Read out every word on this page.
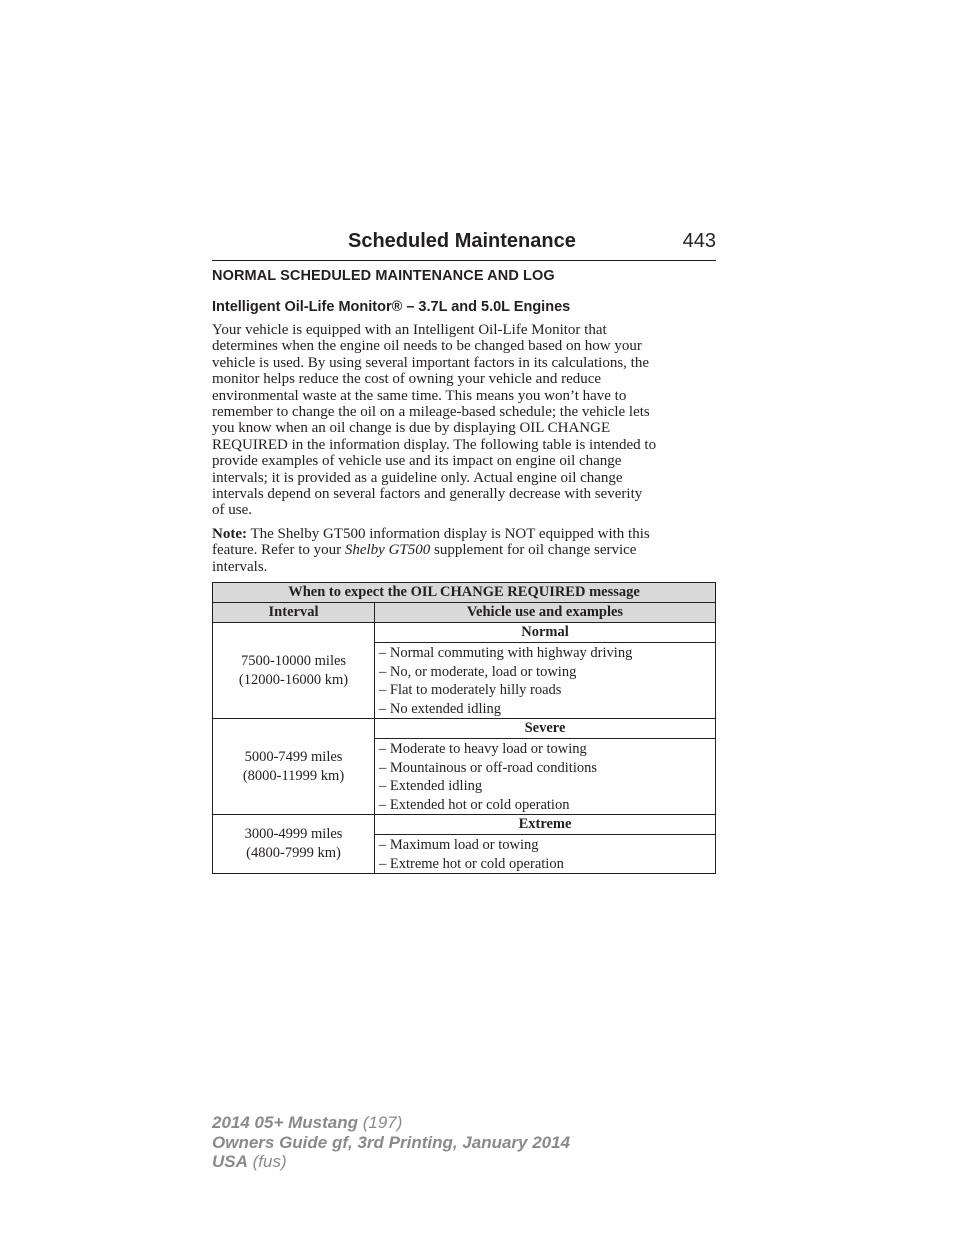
Scheduled Maintenance	443
NORMAL SCHEDULED MAINTENANCE AND LOG
Intelligent Oil-Life Monitor® – 3.7L and 5.0L Engines
Your vehicle is equipped with an Intelligent Oil-Life Monitor that
determines when the engine oil needs to be changed based on how your
vehicle is used. By using several important factors in its calculations, the
monitor helps reduce the cost of owning your vehicle and reduce
environmental waste at the same time. This means you won’t have to
remember to change the oil on a mileage-based schedule; the vehicle lets
you know when an oil change is due by displaying OIL CHANGE
REQUIRED in the information display. The following table is intended to
provide examples of vehicle use and its impact on engine oil change
intervals; it is provided as a guideline only. Actual engine oil change
intervals depend on several factors and generally decrease with severity
of use.
Note: The Shelby GT500 information display is NOT equipped with this
feature. Refer to your Shelby GT500 supplement for oil change service
intervals.
When to expect the OIL CHANGE REQUIRED message	
Interval	Vehicle use and examples

7500-10000 miles
(12000-16000 km)	Normal

	– Normal commuting with highway driving
– No, or moderate, load or towing
– Flat to moderately hilly roads
– No extended idling

5000-7499 miles
(8000-11999 km)	Severe

	– Moderate to heavy load or towing
– Mountainous or off-road conditions
– Extended idling
– Extended hot or cold operation

3000-4999 miles
(4800-7999 km)	Extreme

	– Maximum load or towing
– Extreme hot or cold operation
2014 05+ Mustang (197)
Owners Guide gf, 3rd Printing, January 2014
USA (fus)
